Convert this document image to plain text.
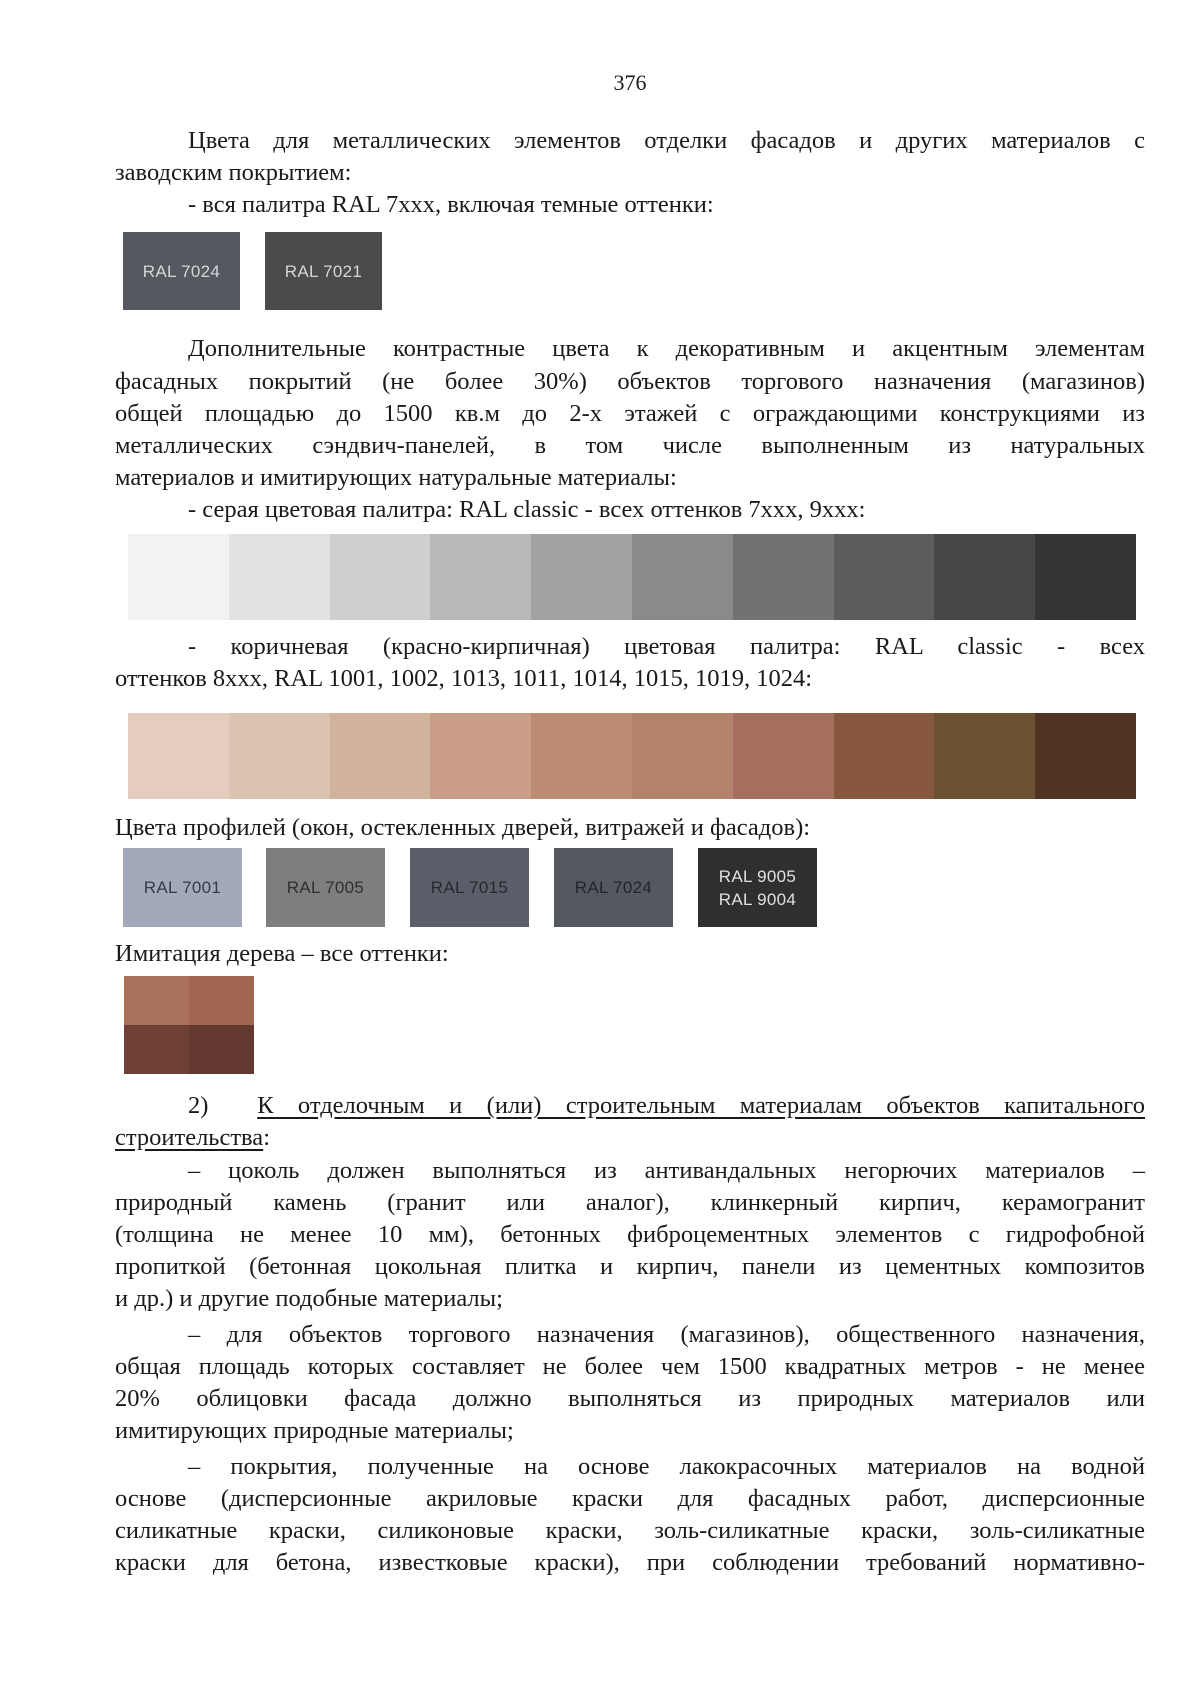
376
Цвета для металлических элементов отделки фасадов и других материалов с
заводским покрытием:
- вся палитра RAL 7xxx, включая темные оттенки:
RAL 7024	RAL 7021
Дополнительные контрастные цвета к декоративным и акцентным элементам
фасадных покрытий (не более 30%) объектов торгового назначения (магазинов)
общей площадью до 1500 кв.м до 2-х этажей с ограждающими конструкциями из
металлических сэндвич-панелей, в том числе выполненным из натуральных
материалов и имитирующих натуральные материалы:
- серая цветовая палитра: RAL classic - всех оттенков 7xxx, 9xxx:
- коричневая (красно-кирпичная) цветовая палитра: RAL classic - всех
оттенков 8xxx, RAL 1001, 1002, 1013, 1011, 1014, 1015, 1019, 1024:
Цвета профилей (окон, остекленных дверей, витражей и фасадов):
RAL 7001	RAL 7005	RAL 7015	RAL 7024
RAL 9005
RAL 9004
Имитация дерева – все оттенки:
2) К отделочным и (или) строительным материалам объектов капитального
строительства:
– цоколь должен выполняться из антивандальных негорючих материалов –
природный камень (гранит или аналог), клинкерный кирпич, керамогранит
(толщина не менее 10 мм), бетонных фиброцементных элементов с гидрофобной
пропиткой (бетонная цокольная плитка и кирпич, панели из цементных композитов
и др.) и другие подобные материалы;
– для объектов торгового назначения (магазинов), общественного назначения,
общая площадь которых составляет не более чем 1500 квадратных метров - не менее
20% облицовки фасада должно выполняться из природных материалов или
имитирующих природные материалы;
– покрытия, полученные на основе лакокрасочных материалов на водной
основе (дисперсионные акриловые краски для фасадных работ, дисперсионные
силикатные краски, силиконовые краски, золь-силикатные краски, золь-силикатные
краски для бетона, известковые краски), при соблюдении требований нормативно-
